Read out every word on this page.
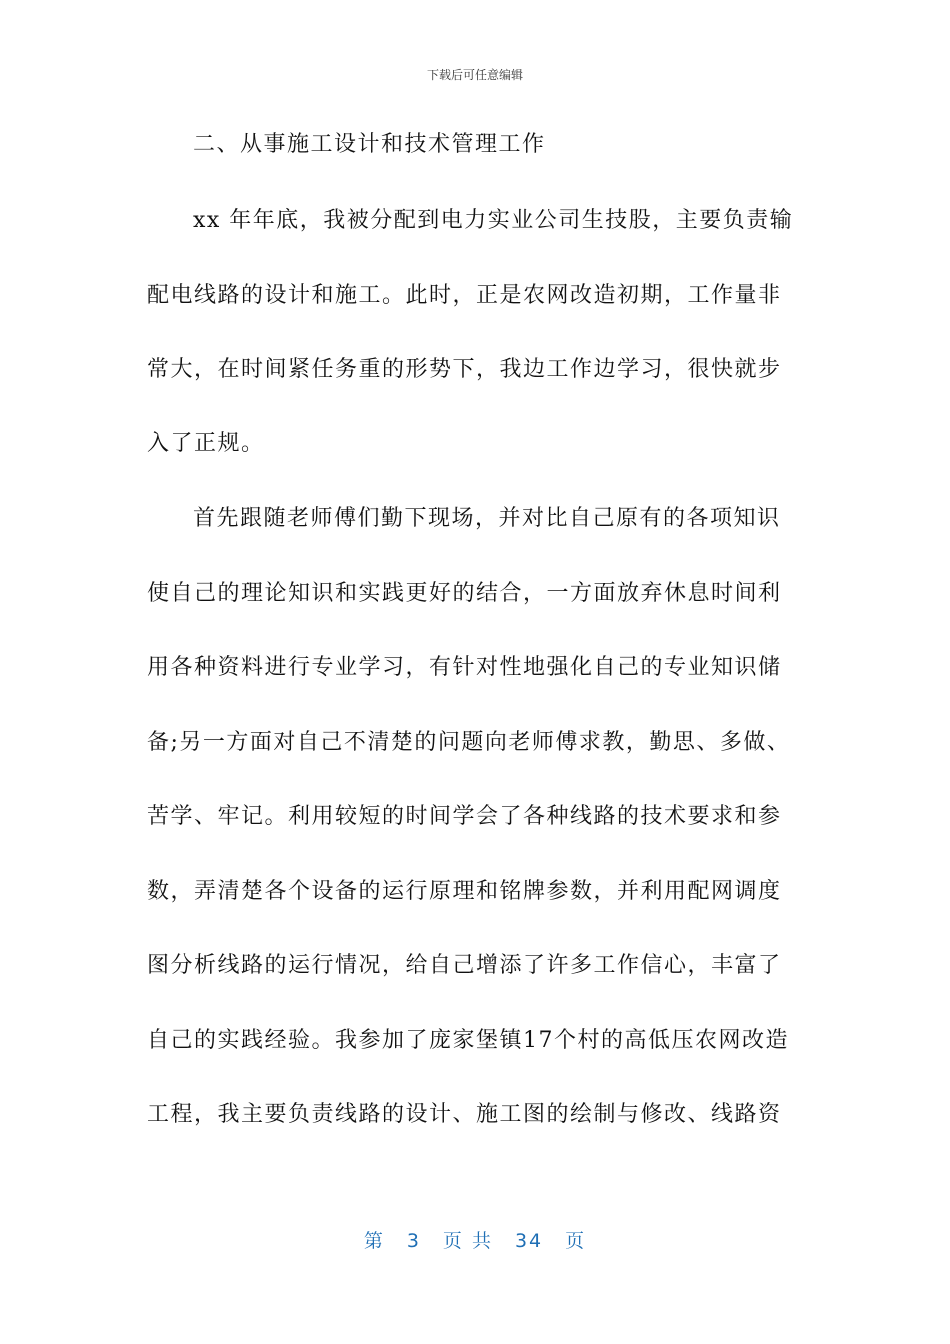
下载后可任意编辑
二、从事施工设计和技术管理工作
xx 年年底，我被分配到电力实业公司生技股，主要负责输
配电线路的设计和施工。此时，正是农网改造初期，工作量非
常大，在时间紧任务重的形势下，我边工作边学习，很快就步
入了正规。
首先跟随老师傅们勤下现场，并对比自己原有的各项知识
使自己的理论知识和实践更好的结合，一方面放弃休息时间利
用各种资料进行专业学习，有针对性地强化自己的专业知识储
备;另一方面对自己不清楚的问题向老师傅求教，勤思、多做、
苦学、牢记。利用较短的时间学会了各种线路的技术要求和参
数，弄清楚各个设备的运行原理和铭牌参数，并利用配网调度
图分析线路的运行情况，给自己增添了许多工作信心，丰富了
自己的实践经验。我参加了庞家堡镇17个村的高低压农网改造
工程，我主要负责线路的设计、施工图的绘制与修改、线路资
第 3 页 共 34 页
